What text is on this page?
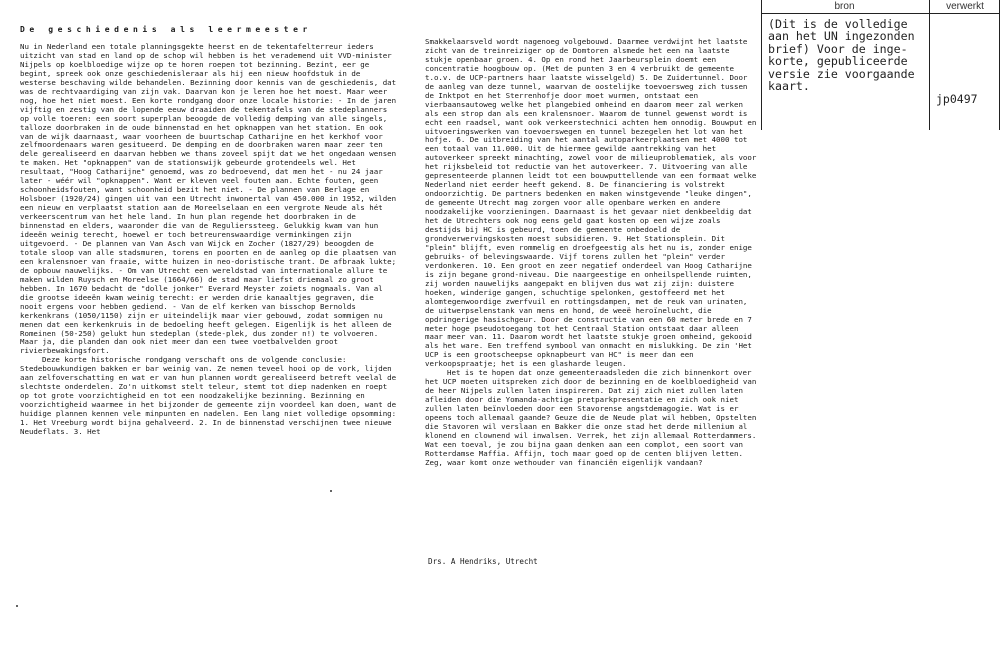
De geschiedenis als leermeester

Nu in Nederland een totale planningsgekte heerst en de tekentafelterreur ieders uitzicht van stad en land op de schop wil hebben is het verademend uit VVD-minister Nijpels op koelbloedige wijze op te horen roepen tot bezinning. Bezint, eer ge begint, spreek ook onze geschiedenisleraar als hij een nieuw hoofdstuk in de westerse beschaving wilde behandelen. Bezinning door kennis van de geschiedenis, dat was de rechtvaardiging van zijn vak. Daarvan kon je leren hoe het moest. Maar weer nog, hoe het niet moest. Een korte rondgang door onze locale historie: - In de jaren vijftig en zestig van de lopende eeuw draaiden de tekentafels van de stedeplanners op volle toeren: een soort superplan beoogde de volledig demping van alle singels, talloze doorbraken in de oude binnenstad en het opknappen van het station. En ook van de wijk daarnaast, waar voorheen de buurtschap Catharijne en het kerkhof voor zelfmoordenaars waren gesitueerd. De demping en de doorbraken waren maar zeer ten dele gerealiseerd en daarvan hebben we thans zoveel spijt dat we het ongedaan wensen te maken. Het "opknappen" van de stationswijk gebeurde grotendeels wel. Het resultaat, "Hoog Catharijne" genoemd, was zo bedroevend, dat men het - nu 24 jaar later - wéér wil "opknappen". Want er kleven veel fouten aan. Echte fouten, geen schoonheidsfouten, want schoonheid bezit het niet. - De plannen van Berlage en Holsboer (1920/24) gingen uit van een Utrecht inwonertal van 450.000 in 1952, wilden een nieuw en verplaatst station aan de Moreelselaan en een vergrote Neude als hét verkeerscentrum van het hele land. In hun plan regende het doorbraken in de binnenstad en elders, waaronder die van de Regulierssteeg. Gelukkig kwam van hun ideeën weinig terecht, hoewel er toch betreurenswaardige verminkingen zijn uitgevoerd. - De plannen van Van Asch van Wijck en Zocher (1827/29) beoogden de totale sloop van alle stadsmuren, torens en poorten en de aanleg op die plaatsen van een kralensnoer van fraaie, witte huizen in neo-doristische trant. De afbraak lukte; de opbouw nauwelijks. - Om van Utrecht een wereldstad van internationale allure te maken wilden Ruysch en Moreelse (1664/66) de stad maar liefst driemaal zo groot hebben. In 1670 bedacht de "dolle jonker" Everard Meyster zoiets nogmaals. Van al die grootse ideeën kwam weinig terecht: er werden drie kanaaltjes gegraven, die nooit ergens voor hebben gediend. - Van de elf kerken van bisschop Bernolds kerkenkrans (1050/1150) zijn er uiteindelijk maar vier gebouwd, zodat sommigen nu menen dat een kerkenkruis in de bedoeling heeft gelegen. Eigenlijk is het alleen de Romeinen (50-250) gelukt hun stedeplan (stede-plek, dus zonder n!) te volvoeren. Maar ja, die planden dan ook niet meer dan een twee voetbalvelden groot rivierbewakingsfort.

Deze korte historische rondgang verschaft ons de volgende conclusie: Stedebouwkundigen bakken er bar weinig van. Ze nemen teveel hooi op de vork, lijden aan zelfoverschatting en wat er van hun plannen wordt gerealiseerd betreft veelal de slechtste onderdelen. Zo'n uitkomst stelt teleur, stemt tot diep nadenken en roept op tot grote voorzichtigheid en tot een noodzakelijke bezinning. Bezinning en voorzichtigheid waarmee in het bijzonder de gemeente zijn voordeel kan doen, want de huidige plannen kennen vele minpunten en nadelen. Een lang niet volledige opsomming: 1. Het Vreeburg wordt bijna gehalveerd. 2. In de binnenstad verschijnen twee nieuwe Neudeflats. 3. Het

Smakkelaarsveld wordt nagenoeg volgebouwd. Daarmee verdwijnt het laatste zicht van de treinreiziger op de Domtoren alsmede het een na laatste stukje openbaar groen. 4. Op en rond het Jaarbeursplein doemt een concentratie hoogbouw op. (Met de punten 3 en 4 verbruikt de gemeente t.o.v. de UCP-partners haar laatste wisselgeld) 5. De Zuidertunnel. Door de aanleg van deze tunnel, waarvan de oostelijke toevoersweg zich tussen de Inktpot en het Sterrenhofje door moet wurmen, ontstaat een vierbaansautoweg welke het plangebied omheind en daarom meer zal werken als een strop dan als een kralensnoer. Waarom de tunnel gewenst wordt is echt een raadsel, want ook verkeerstechnici achten hem onnodig. Bouwput en uitvoeringswerken van toevoerswegen en tunnel bezegelen het lot van het hofje. 6. De uitbreiding van het aantal autoparkeerplaatsen met 4000 tot een totaal van 11.000. Uit de hiermee gewilde aantrekking van het autoverkeer spreekt minachting, zowel voor de milieuproblematiek, als voor het rijksbeleid tot reductie van het autoverkeer. 7. Uitvoering van alle gepresenteerde plannen leidt tot een bouwputtellende van een formaat welke Nederland niet eerder heeft gekend. 8. De financiering is volstrekt ondoorzichtig. De partners bedenken en maken winstgevende "leuke dingen", de gemeente Utrecht mag zorgen voor alle openbare werken en andere noodzakelijke voorzieningen. Daarnaast is het gevaar niet denkbeeldig dat het de Utrechters ook nog eens geld gaat kosten op een wijze zoals destijds bij HC is gebeurd, toen de gemeente onbedoeld de grondverwervingskosten moest subsidieren. 9. Het Stationsplein. Dit "plein" blijft, even rommelig en droefgeestig als het nu is, zonder enige gebruiks- of belevingswaarde. Vijf torens zullen het "plein" verder verdonkeren. 10. Een groot en zeer negatief onderdeel van Hoog Catharijne is zijn begane grond-niveau. Die naargeestige en onheilspellende ruimten, zij worden nauwelijks aangepakt en blijven dus wat zij zijn: duistere hoeken, winderige gangen, schuchtige spelonken, gestoffeerd met het alomtegenwoordige zwerfvuil en rottingsdampen, met de reuk van urinaten, de uitwerpselenstank van mens en hond, de weeë heroïnelucht, die opdringerige hasischgeur. Door de constructie van een 60 meter brede en 7 meter hoge pseudotoegang tot het Centraal Station ontstaat daar alleen maar meer van. 11. Daarom wordt het laatste stukje groen omheind, gekooid als het ware. Een treffend symbool van onmacht en mislukking. De zin 'Het UCP is een grootscheepse opknapbeurt van HC" is meer dan een verkoopspraatje; het is een glasharde leugen.

Het is te hopen dat onze gemeenteraadsleden die zich binnenkort over het UCP moeten uitspreken zich door de bezinning en de koelbloedigheid van de heer Nijpels zullen laten inspireren. Dat zij zich niet zullen laten afleiden door die Yomanda-achtige pretparkpresentatie en zich ook niet zullen laten beïnvloeden door een Stavorense angstdemagogie. Wat is er opeens toch allemaal gaande? Geuze die de Neude plat wil hebben, Opstelten die Stavoren wil verslaan en Bakker die onze stad het derde millenium al klonend en clownend wil inwalsen. Verrek, het zijn allemaal Rotterdammers. Wat een toeval, je zou bijna gaan denken aan een complot, een soort van Rotterdamse Maffia. Affijn, toch maar goed op de centen blijven letten. Zeg, waar komt onze wethouder van financiën eigenlijk vandaan?

Drs. A Hendriks, Utrecht
bron	verwerkt
(Dit is de volledige
aan het UN ingezonden
brief) Voor de inge-
korte, gepubliceerde
versie zie voorgaande
kaart.
jp0497
